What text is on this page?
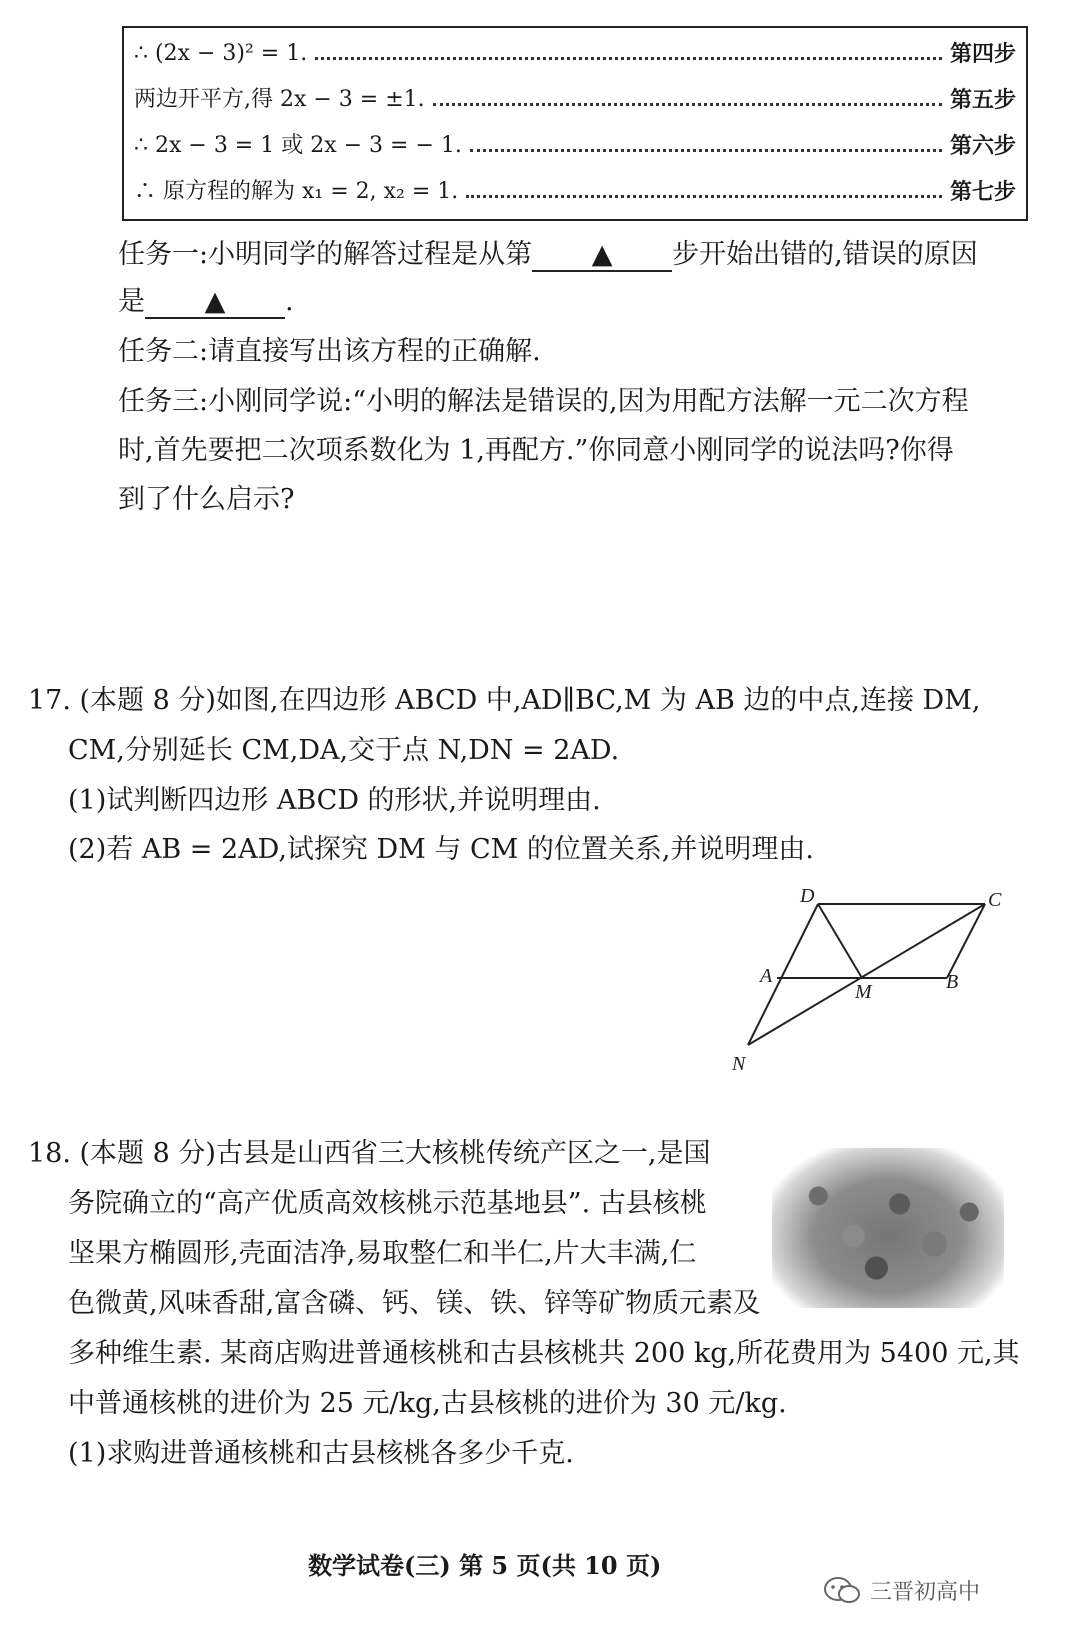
∴ (2x − 3)² = 1.	第四步
两边开平方,得 2x − 3 = ±1.	第五步
∴ 2x − 3 = 1 或 2x − 3 = − 1.	第六步
∴ 原方程的解为 x₁ = 2, x₂ = 1.	第七步
任务一:小明同学的解答过程是从第 ▲ 步开始出错的,错误的原因
是 ▲ .
任务二:请直接写出该方程的正确解.
任务三:小刚同学说:“小明的解法是错误的,因为用配方法解一元二次方程
时,首先要把二次项系数化为 1,再配方.”你同意小刚同学的说法吗?你得
到了什么启示?
17. (本题 8 分)如图,在四边形 ABCD 中,AD∥BC,M 为 AB 边的中点,连接 DM,
CM,分别延长 CM,DA,交于点 N,DN = 2AD.
(1)试判断四边形 ABCD 的形状,并说明理由.
(2)若 AB = 2AD,试探究 DM 与 CM 的位置关系,并说明理由.
D	C
A
M	B
N
18. (本题 8 分)古县是山西省三大核桃传统产区之一,是国
务院确立的“高产优质高效核桃示范基地县”. 古县核桃
坚果方椭圆形,壳面洁净,易取整仁和半仁,片大丰满,仁
色微黄,风味香甜,富含磷、钙、镁、铁、锌等矿物质元素及
多种维生素. 某商店购进普通核桃和古县核桃共 200 kg,所花费用为 5400 元,其
中普通核桃的进价为 25 元/kg,古县核桃的进价为 30 元/kg.
(1)求购进普通核桃和古县核桃各多少千克.
数学试卷(三) 第 5 页(共 10 页)
三晋初高中
